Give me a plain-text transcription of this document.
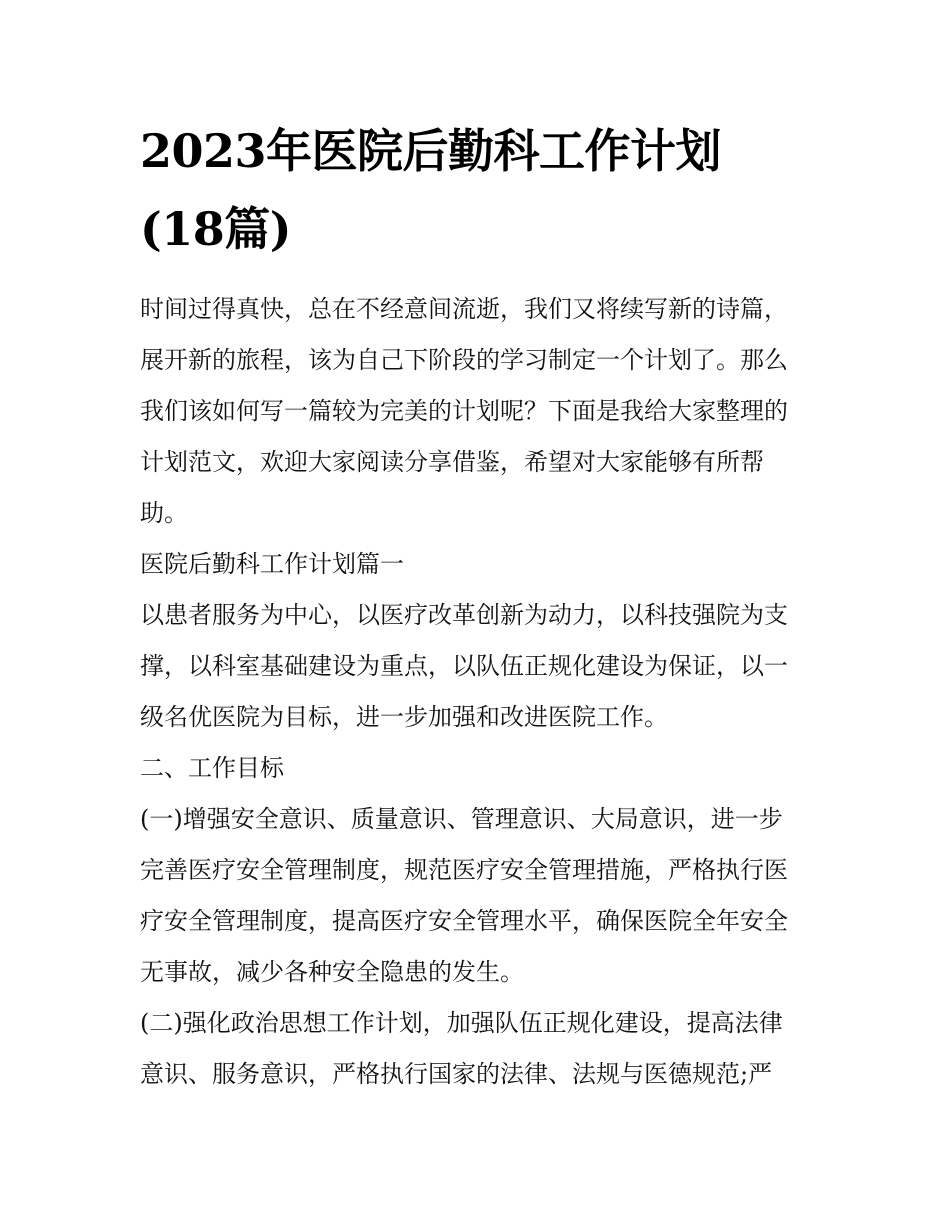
2023年医院后勤科工作计划
(18篇)

时间过得真快，总在不经意间流逝，我们又将续写新的诗篇，

展开新的旅程，该为自己下阶段的学习制定一个计划了。那么

我们该如何写一篇较为完美的计划呢？下面是我给大家整理的

计划范文，欢迎大家阅读分享借鉴，希望对大家能够有所帮

助。

医院后勤科工作计划篇一

以患者服务为中心，以医疗改革创新为动力，以科技强院为支

撑，以科室基础建设为重点，以队伍正规化建设为保证，以一

级名优医院为目标，进一步加强和改进医院工作。

二、工作目标

(一)增强安全意识、质量意识、管理意识、大局意识，进一步

完善医疗安全管理制度，规范医疗安全管理措施，严格执行医

疗安全管理制度，提高医疗安全管理水平，确保医院全年安全

无事故，减少各种安全隐患的发生。

(二)强化政治思想工作计划，加强队伍正规化建设，提高法律

意识、服务意识，严格执行国家的法律、法规与医德规范;严
